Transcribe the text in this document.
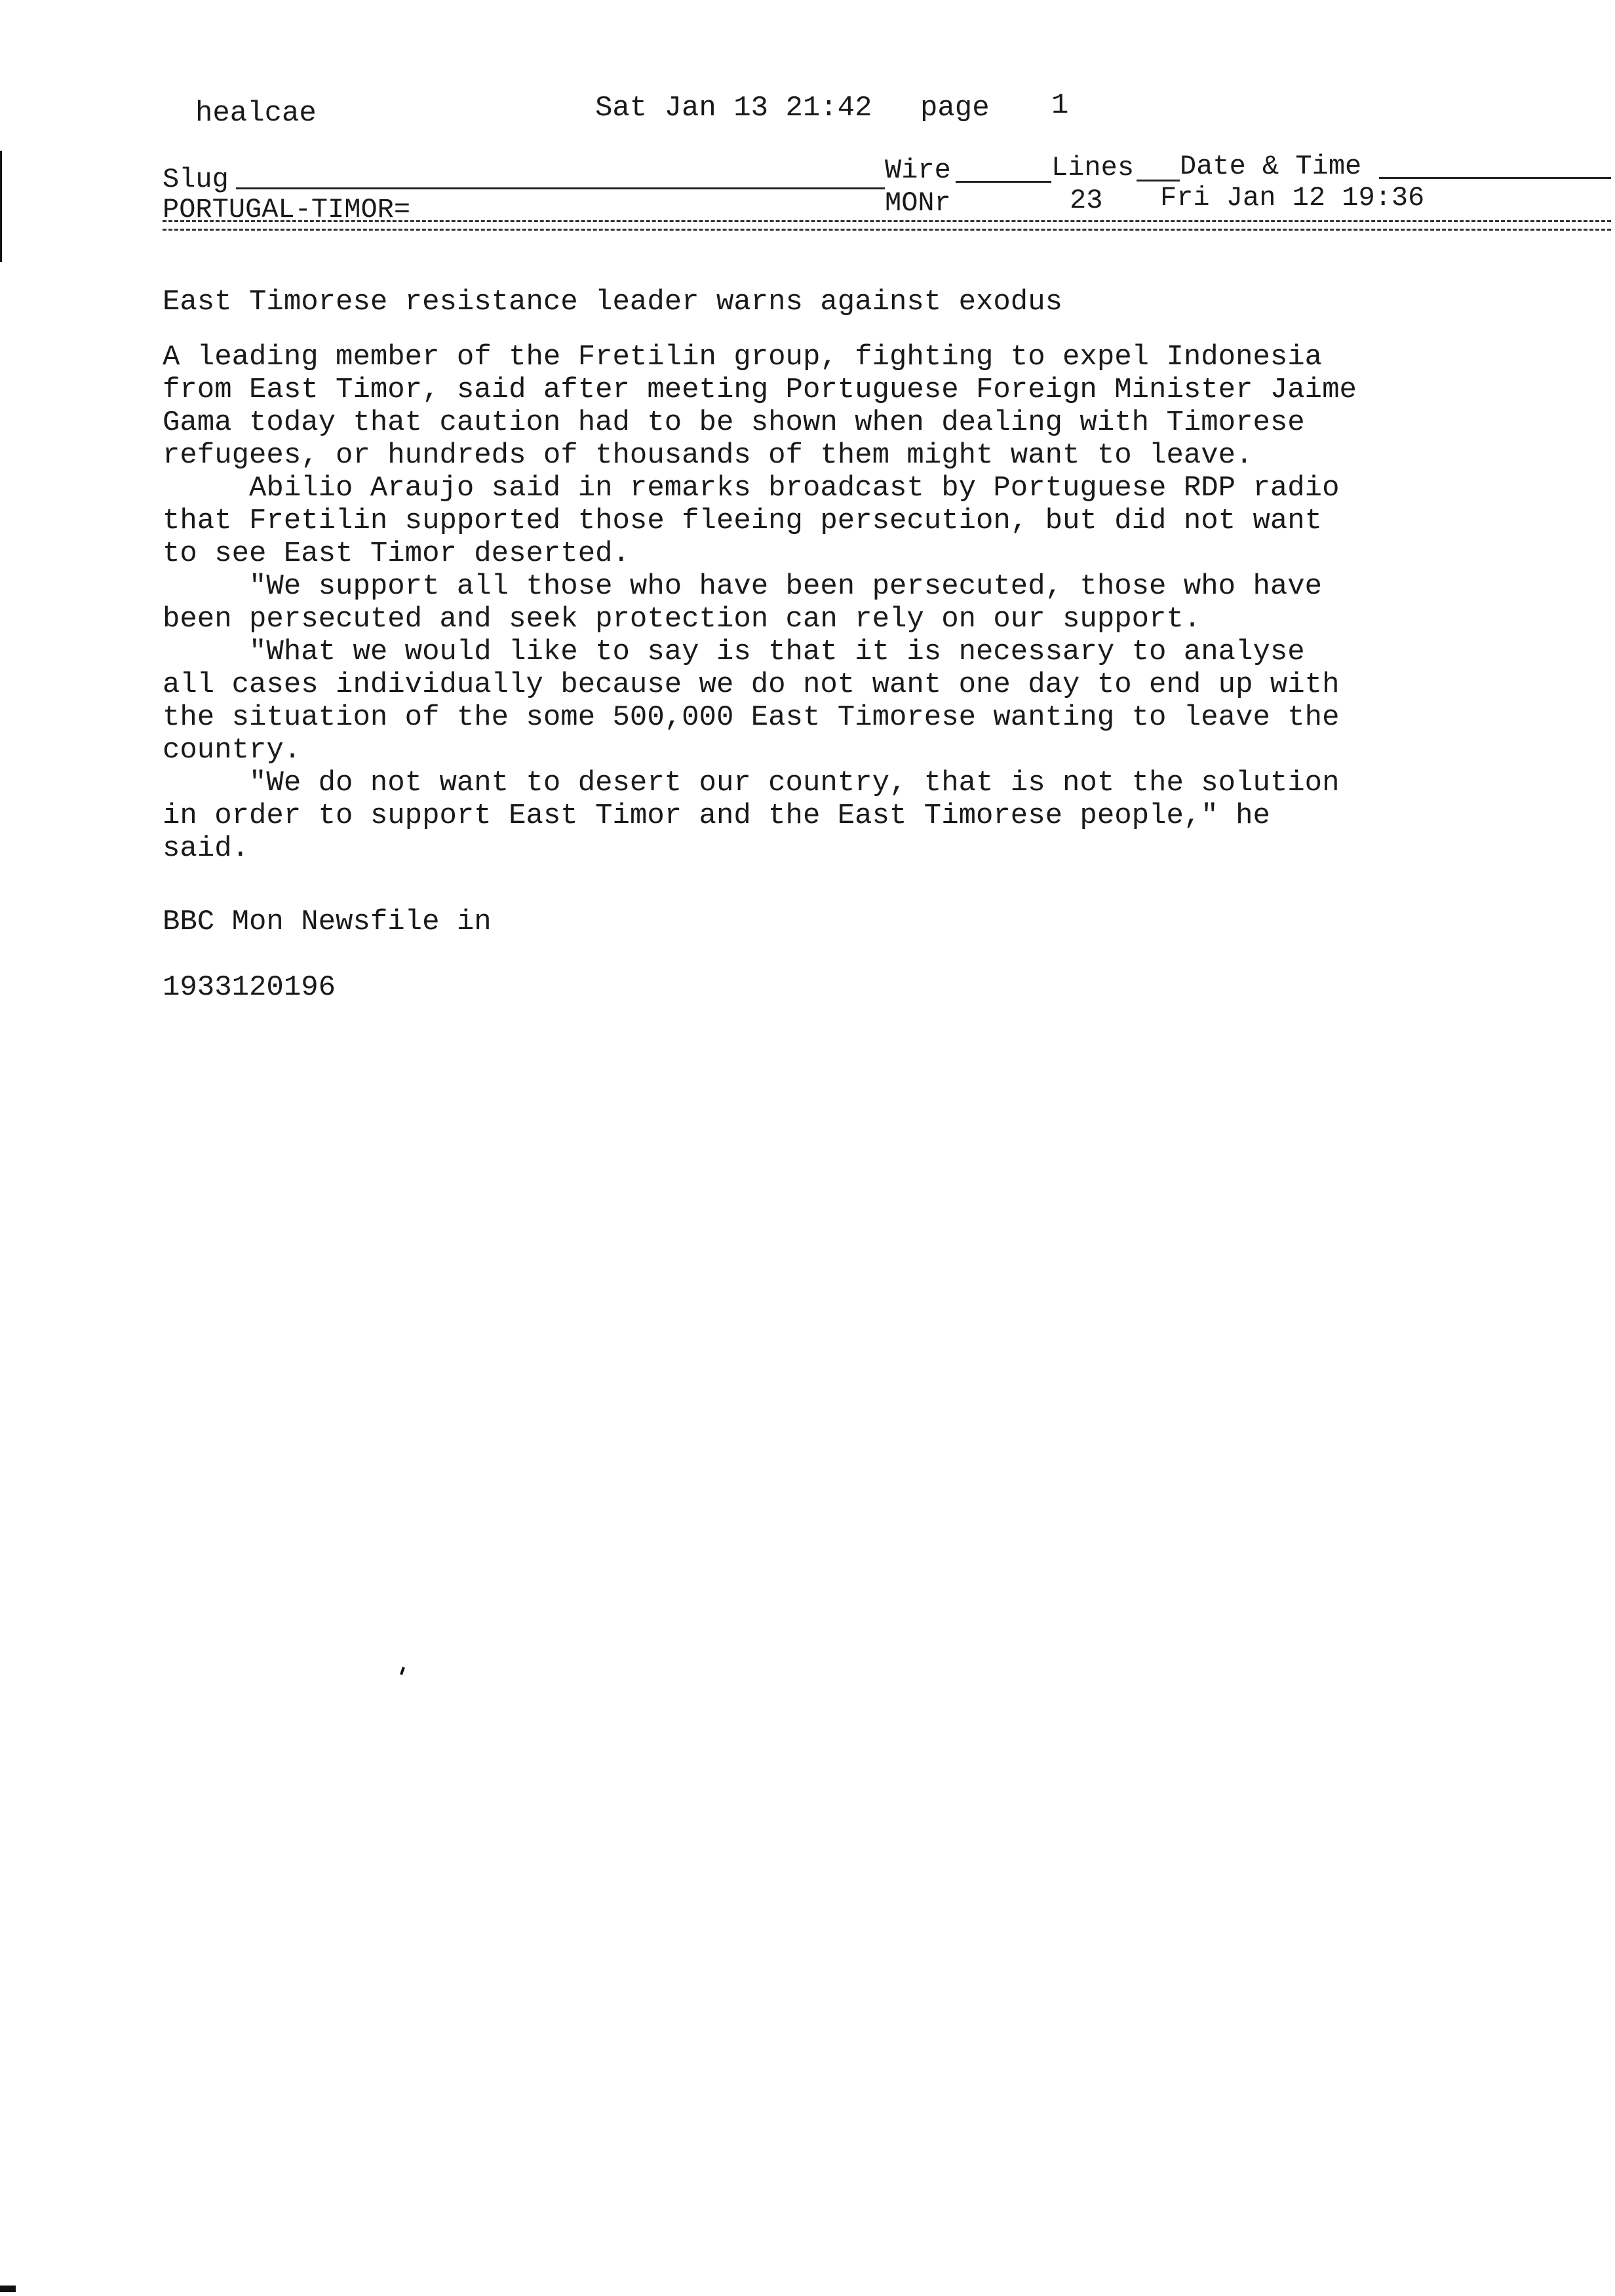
healcae	Sat Jan 13 21:42 page 1
Slug	Wire	Lines Date & Time
PORTUGAL-TIMOR=	MONr	23 Fri Jan 12 19:36
East Timorese resistance leader warns against exodus

A leading member of the Fretilin group, fighting to expel Indonesia

from East Timor, said after meeting Portuguese Foreign Minister Jaime

Gama today that caution had to be shown when dealing with Timorese

refugees, or hundreds of thousands of them might want to leave.

Abilio Araujo said in remarks broadcast by Portuguese RDP radio

that Fretilin supported those fleeing persecution, but did not want

to see East Timor deserted.

"We support all those who have been persecuted, those who have

been persecuted and seek protection can rely on our support.

"What we would like to say is that it is necessary to analyse

all cases individually because we do not want one day to end up with

the situation of the some 500,000 East Timorese wanting to leave the

country.

"We do not want to desert our country, that is not the solution

in order to support East Timor and the East Timorese people," he

said.

BBC Mon Newsfile in
1933120196
